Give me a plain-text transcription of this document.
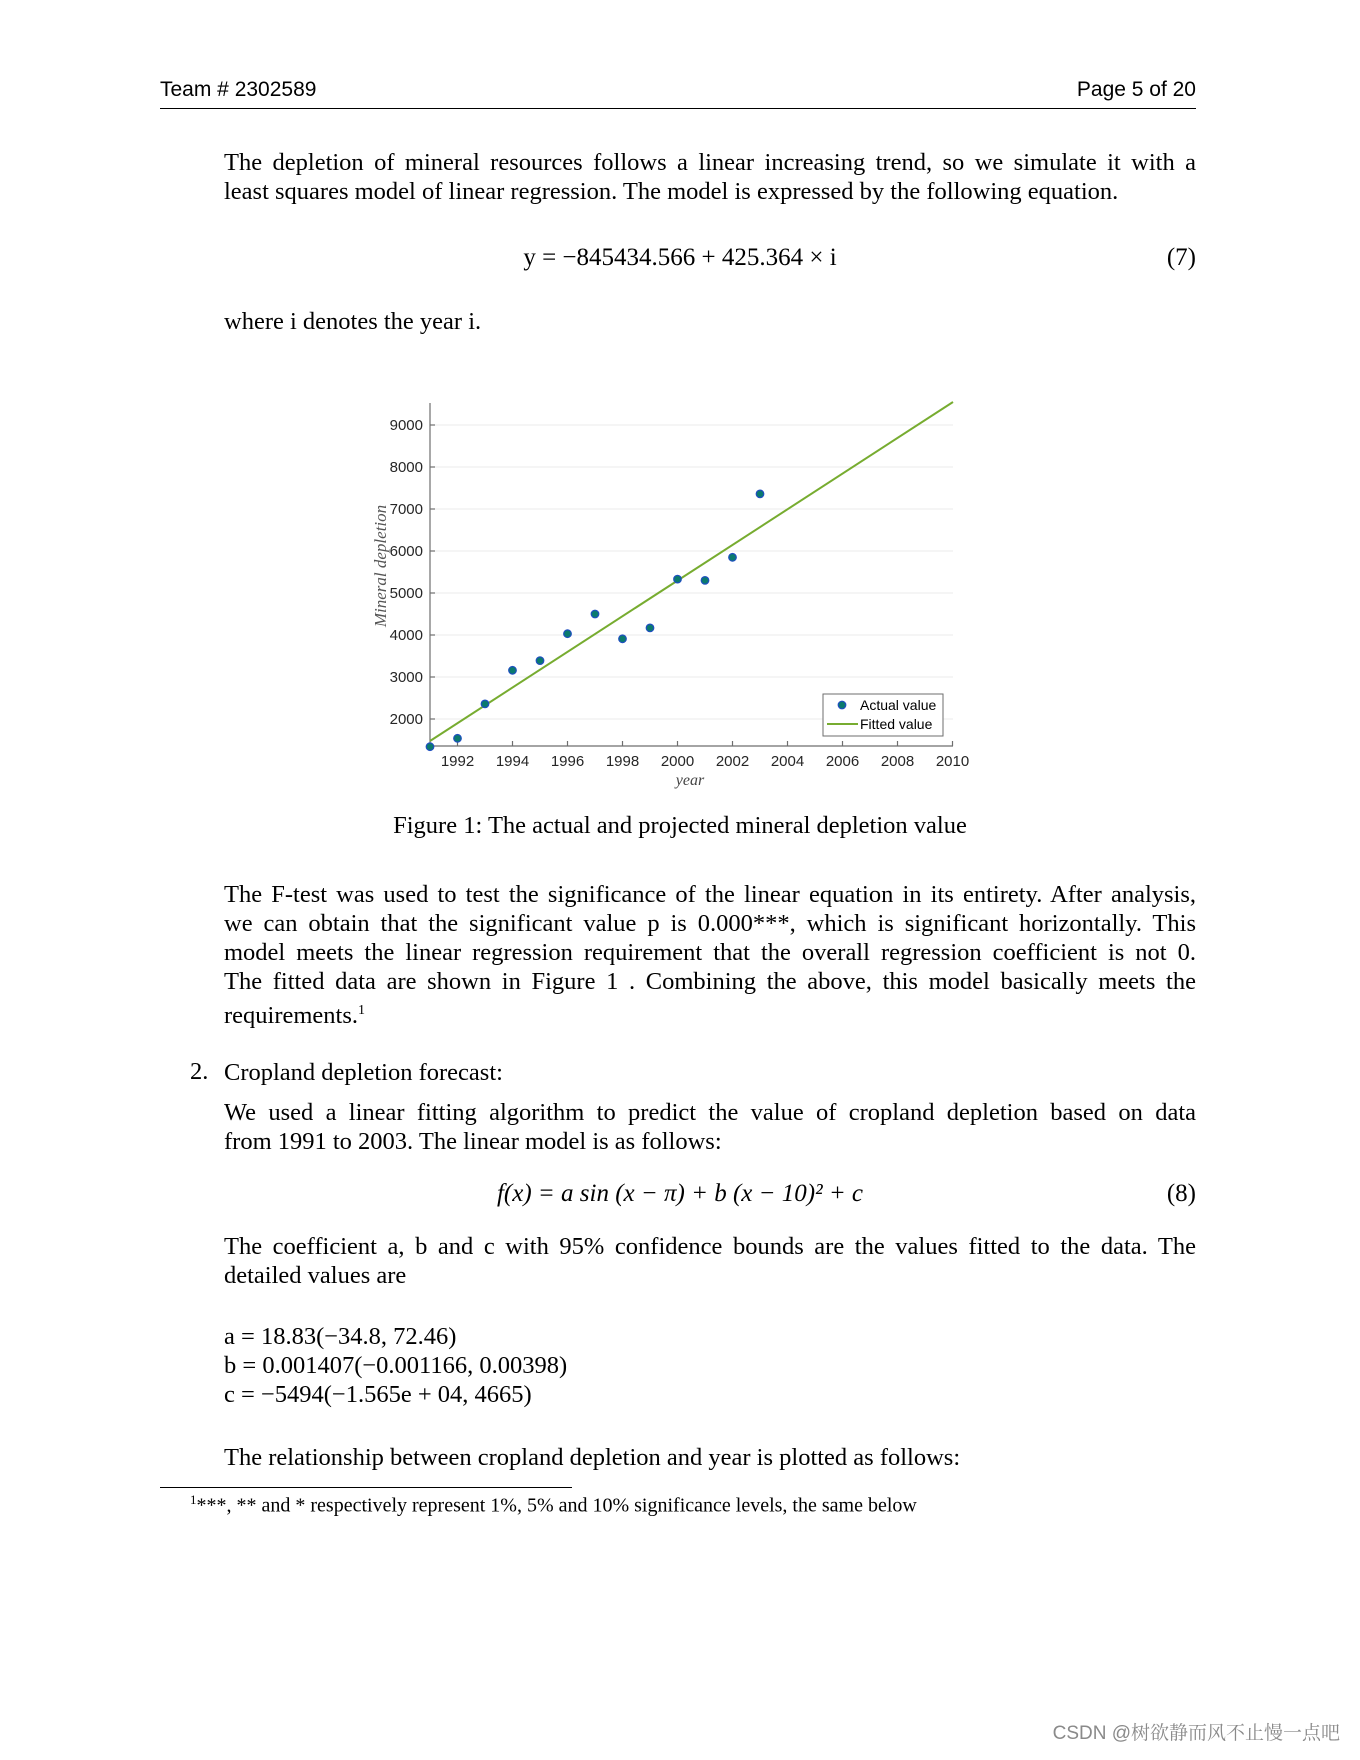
Team # 2302589	Page 5 of 20
The depletion of mineral resources follows a linear increasing trend, so we simulate it with a
least squares model of linear regression. The model is expressed by the following equation.
y = −845434.566 + 425.364 × i	(7)
where i denotes the year i.
2000
3000
4000
5000
6000
7000
8000
9000
1992 1994 1996 1998 2000 2002 2004 2006 2008 2010
year
Mineral depletion
Actual value
Fitted value
Figure 1: The actual and projected mineral depletion value
The F-test was used to test the significance of the linear equation in its entirety. After analysis,
we can obtain that the significant value p is 0.000***, which is significant horizontally. This
model meets the linear regression requirement that the overall regression coefficient is not 0.
The fitted data are shown in Figure 1 . Combining the above, this model basically meets the
requirements.$^1$
2. Cropland depletion forecast:
We used a linear fitting algorithm to predict the value of cropland depletion based on data
from 1991 to 2003. The linear model is as follows:
f(x) = a sin (x − π) + b (x − 10)² + c	(8)
The coefficient a, b and c with 95% confidence bounds are the values fitted to the data. The
detailed values are
a = 18.83(−34.8, 72.46)
b = 0.001407(−0.001166, 0.00398)
c = −5494(−1.565e + 04, 4665)
The relationship between cropland depletion and year is plotted as follows:
$^1$***, ** and * respectively represent 1%, 5% and 10% significance levels, the same below
CSDN @树欲静而风不止慢一点吧
